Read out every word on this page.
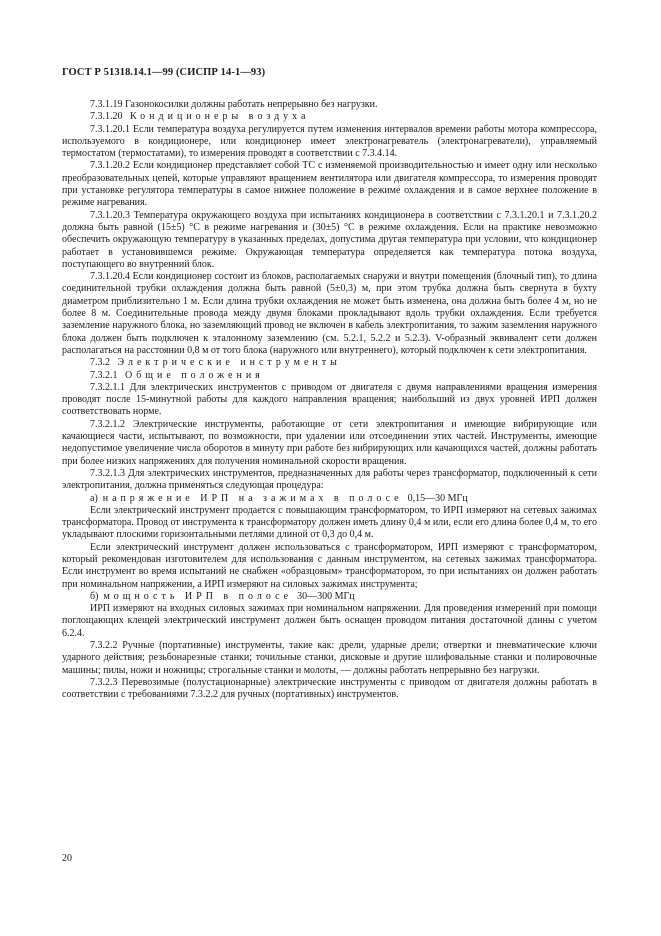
ГОСТ Р 51318.14.1—99 (СИСПР 14-1—93)

7.3.1.19 Газонокосилки должны работать непрерывно без нагрузки.

7.3.1.20 Кондиционеры воздуха

7.3.1.20.1 Если температура воздуха регулируется путем изменения интервалов времени работы мотора компрессора, используемого в кондиционере, или кондиционер имеет электронагреватель (электронагреватели), управляемый термостатом (термостатами), то измерения проводят в соответствии с 7.3.4.14.

7.3.1.20.2 Если кондиционер представляет собой ТС с изменяемой производительностью и имеет одну или несколько преобразовательных цепей, которые управляют вращением вентилятора или двигателя компрессора, то измерения проводят при установке регулятора температуры в самое нижнее положение в режиме охлаждения и в самое верхнее положение в режиме нагревания.

7.3.1.20.3 Температура окружающего воздуха при испытаниях кондиционера в соответствии с 7.3.1.20.1 и 7.3.1.20.2 должна быть равной (15±5) °С в режиме нагревания и (30±5) °С в режиме охлаждения. Если на практике невозможно обеспечить окружающую температуру в указанных пределах, допустима другая температура при условии, что кондиционер работает в установившемся режиме. Окружающая температура определяется как температура потока воздуха, поступающего во внутренний блок.

7.3.1.20.4 Если кондиционер состоит из блоков, располагаемых снаружи и внутри помещения (блочный тип), то длина соединительной трубки охлаждения должна быть равной (5±0,3) м, при этом трубка должна быть свернута в бухту диаметром приблизительно 1 м. Если длина трубки охлаждения не может быть изменена, она должна быть более 4 м, но не более 8 м. Соединительные провода между двумя блоками прокладывают вдоль трубки охлаждения. Если требуется заземление наружного блока, но заземляющий провод не включен в кабель электропитания, то зажим заземления наружного блока должен быть подключен к эталонному заземлению (см. 5.2.1, 5.2.2 и 5.2.3). V-образный эквивалент сети должен располагаться на расстоянии 0,8 м от того блока (наружного или внутреннего), который подключен к сети электропитания.

7.3.2 Электрические инструменты

7.3.2.1 Общие положения

7.3.2.1.1 Для электрических инструментов с приводом от двигателя с двумя направлениями вращения измерения проводят после 15-минутной работы для каждого направления вращения; наибольший из двух уровней ИРП должен соответствовать норме.

7.3.2.1.2 Электрические инструменты, работающие от сети электропитания и имеющие вибрирующие или качающиеся части, испытывают, по возможности, при удалении или отсоединении этих частей. Инструменты, имеющие недопустимое увеличение числа оборотов в минуту при работе без вибрирующих или качающихся частей, должны работать при более низких напряжениях для получения номинальной скорости вращения.

7.3.2.1.3 Для электрических инструментов, предназначенных для работы через трансформатор, подключенный к сети электропитания, должна применяться следующая процедура:

а) напряжение ИРП на зажимах в полосе 0,15—30 МГц

Если электрический инструмент продается с повышающим трансформатором, то ИРП измеряют на сетевых зажимах трансформатора. Провод от инструмента к трансформатору должен иметь длину 0,4 м или, если его длина более 0,4 м, то его укладывают плоскими горизонтальными петлями длиной от 0,3 до 0,4 м.

Если электрический инструмент должен использоваться с трансформатором, ИРП измеряют с трансформатором, который рекомендован изготовителем для использования с данным инструментом, на сетевых зажимах трансформатора. Если инструмент во время испытаний не снабжен «образцовым» трансформатором, то при испытаниях он должен работать при номинальном напряжении, а ИРП измеряют на силовых зажимах инструмента;

б) мощность ИРП в полосе 30—300 МГц

ИРП измеряют на входных силовых зажимах при номинальном напряжении. Для проведения измерений при помощи поглощающих клещей электрический инструмент должен быть оснащен проводом питания достаточной длины с учетом 6.2.4.

7.3.2.2 Ручные (портативные) инструменты, такие как: дрели, ударные дрели; отвертки и пневматические ключи ударного действия; резьбонарезные станки; точильные станки, дисковые и другие шлифовальные станки и полировочные машины; пилы, ножи и ножницы; строгальные станки и молоты, — должны работать непрерывно без нагрузки.

7.3.2.3 Перевозимые (полустационарные) электрические инструменты с приводом от двигателя должны работать в соответствии с требованиями 7.3.2.2 для ручных (портативных) инструментов.

20
